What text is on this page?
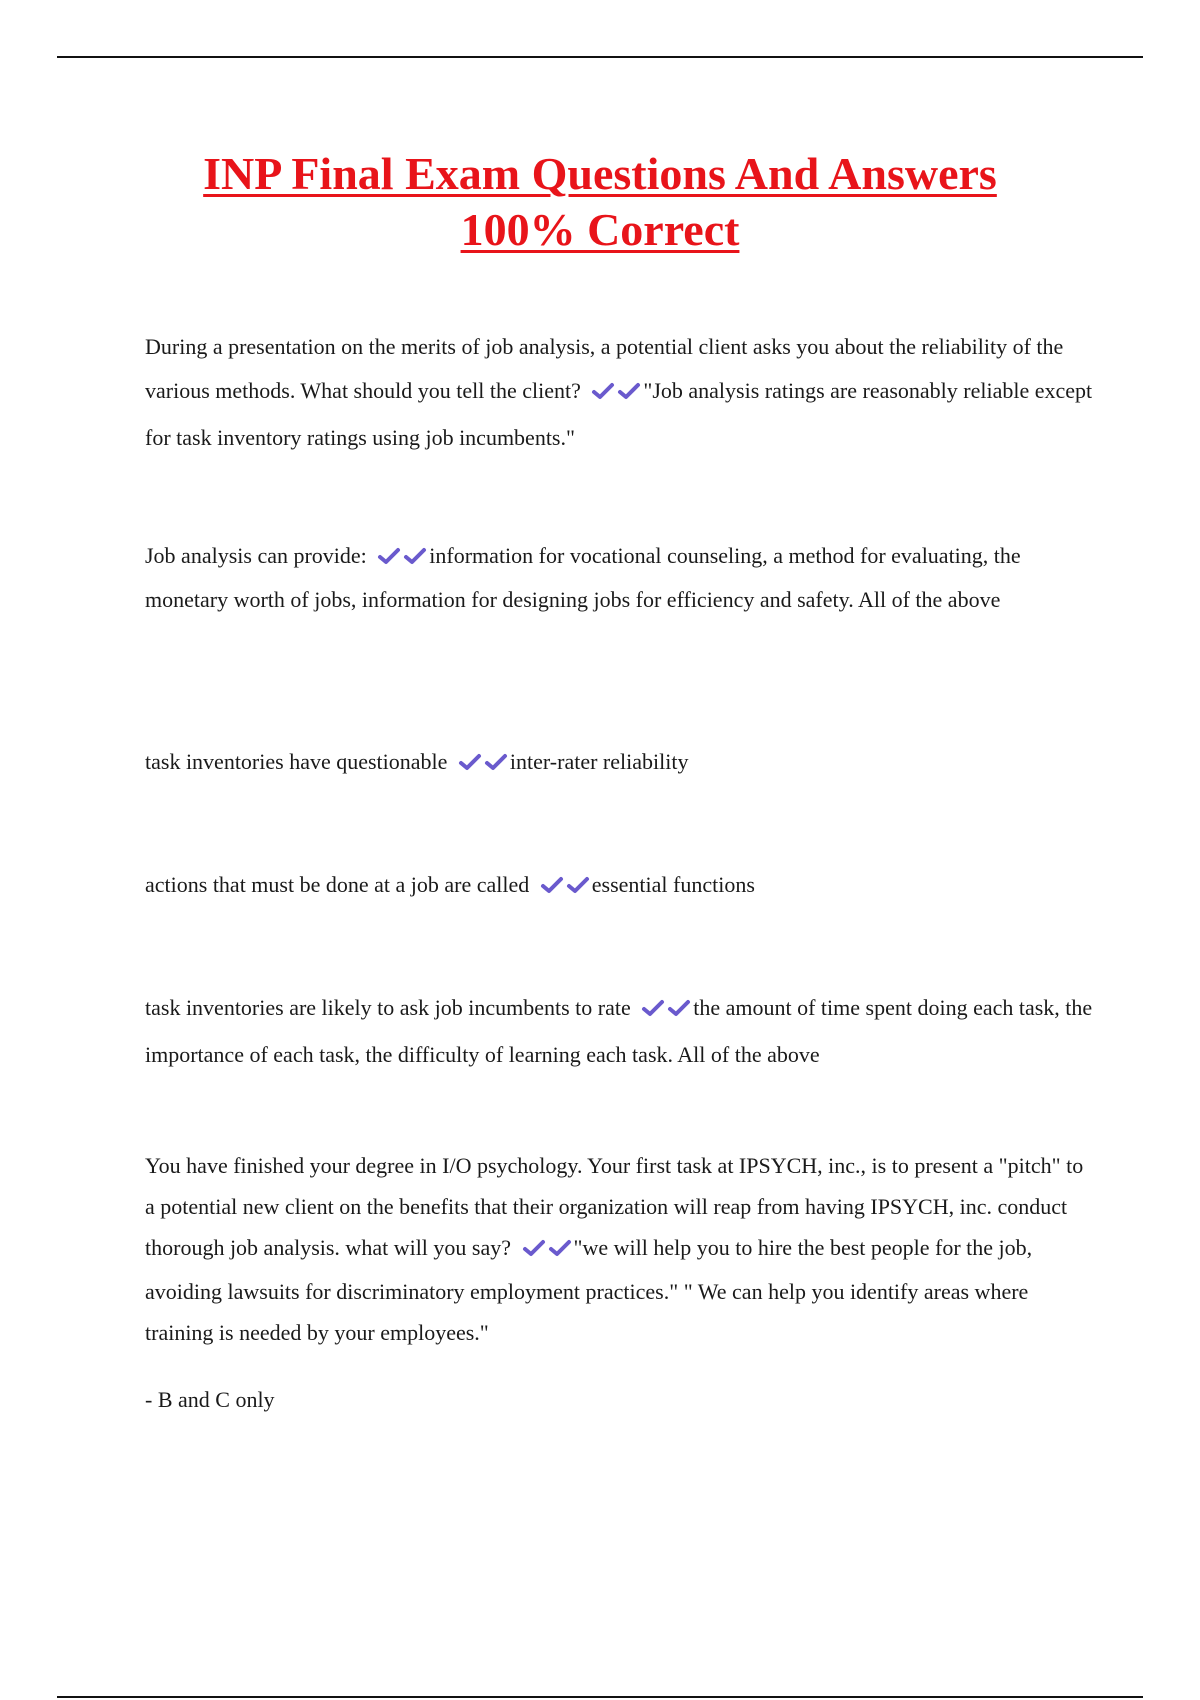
INP Final Exam Questions And Answers
100% Correct

During a presentation on the merits of job analysis, a potential client asks you about the reliability of the various methods. What should you tell the client?	"Job analysis ratings are reasonably reliable except for task inventory ratings using job incumbents."

Job analysis can provide:	information for vocational counseling, a method for evaluating, the monetary worth of jobs, information for designing jobs for efficiency and safety. All of the above

task inventories have questionable	inter-rater reliability

actions that must be done at a job are called	essential functions

task inventories are likely to ask job incumbents to rate	the amount of time spent doing each task, the importance of each task, the difficulty of learning each task. All of the above

You have finished your degree in I/O psychology. Your first task at IPSYCH, inc., is to present a "pitch" to a potential new client on the benefits that their organization will reap from having IPSYCH, inc. conduct thorough job analysis. what will you say?	"we will help you to hire the best people for the job, avoiding lawsuits for discriminatory employment practices." " We can help you identify areas where training is needed by your employees."

- B and C only
